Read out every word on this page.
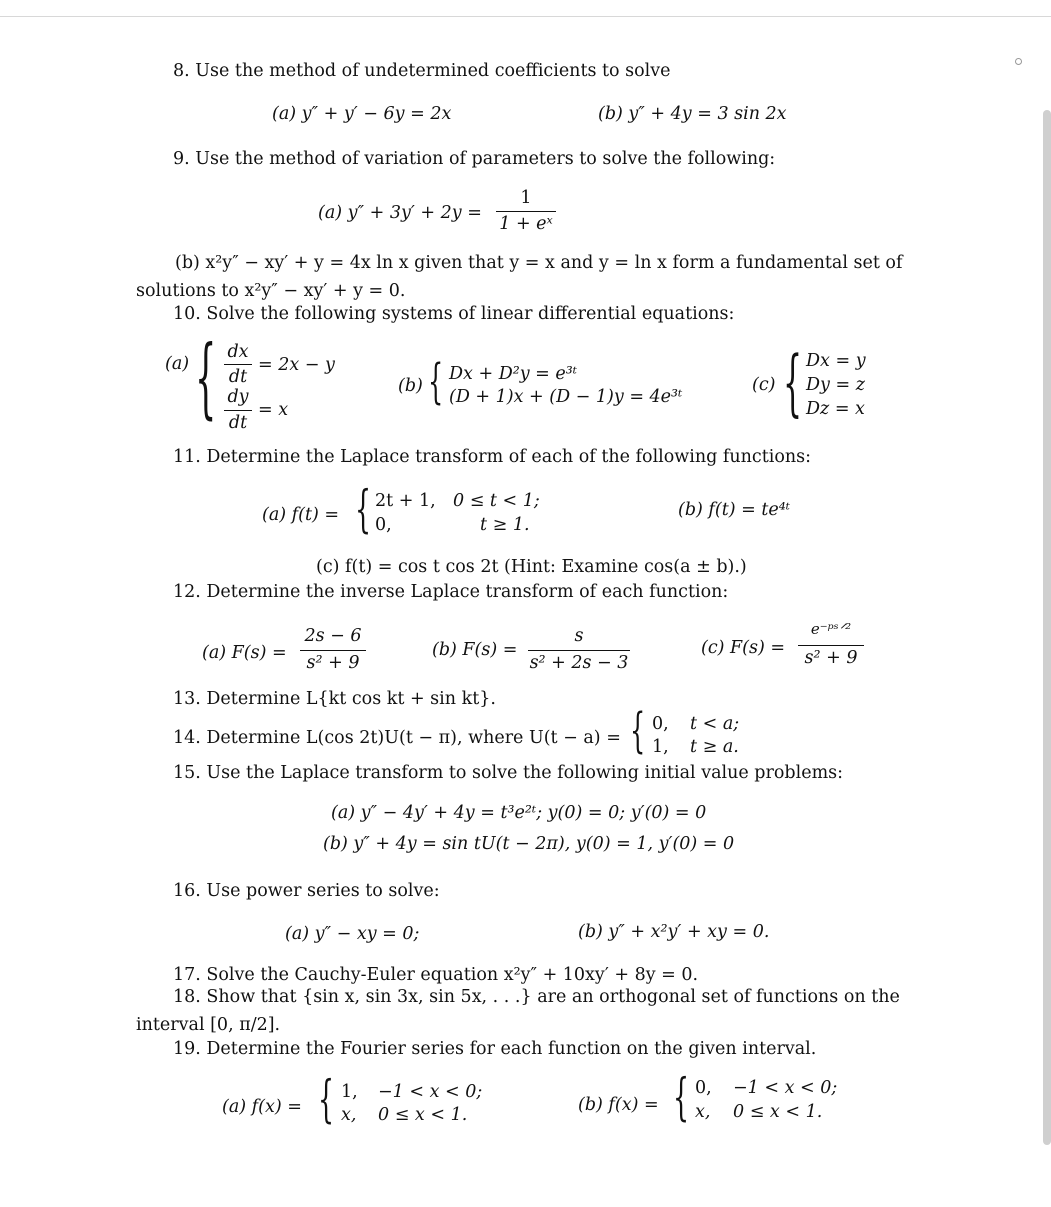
8. Use the method of undetermined coefficients to solve
(a) y″ + y′ − 6y = 2x	(b) y″ + 4y = 3 sin 2x
9. Use the method of variation of parameters to solve the following:
(a) y″ + 3y′ + 2y =
1
1 + eˣ
(b) x²y″ − xy′ + y = 4x ln x given that y = x and y = ln x form a fundamental set of
solutions to x²y″ − xy′ + y = 0.
10. Solve the following systems of linear differential equations:
(a) { dx
dt
= 2x − y
dy
dt
= x
(b) { Dx + D²y = e³ᵗ
(D + 1)x + (D − 1)y = 4e³ᵗ
(c) { Dx = y
Dy = z
Dz = x
11. Determine the Laplace transform of each of the following functions:
(a) f(t) = { 2t + 1, 0 ≤ t < 1;
0,	t ≥ 1.
(b) f(t) = te⁴ᵗ
(c) f(t) = cos t cos 2t (Hint: Examine cos(a ± b).)
12. Determine the inverse Laplace transform of each function:
(a) F(s) =
2s − 6
s² + 9
(b) F(s) =
s
s² + 2s − 3
(c) F(s) =
e⁻ᵖˢᐟ²
s² + 9
13. Determine L{kt cos kt + sin kt}.
14. Determine L(cos 2t)U(t − π), where U(t − a) = { 0, t < a;
1, t ≥ a.
15. Use the Laplace transform to solve the following initial value problems:
(a) y″ − 4y′ + 4y = t³e²ᵗ; y(0) = 0; y′(0) = 0
(b) y″ + 4y = sin tU(t − 2π), y(0) = 1, y′(0) = 0
16. Use power series to solve:
(a) y″ − xy = 0;	(b) y″ + x²y′ + xy = 0.
17. Solve the Cauchy-Euler equation x²y″ + 10xy′ + 8y = 0.
18. Show that {sin x, sin 3x, sin 5x, . . .} are an orthogonal set of functions on the
interval [0, π/2].
19. Determine the Fourier series for each function on the given interval.
(a) f(x) = { 1, −1 < x < 0;
x, 0 ≤ x < 1.	(b) f(x) = { 0, −1 < x < 0;
x, 0 ≤ x < 1.
